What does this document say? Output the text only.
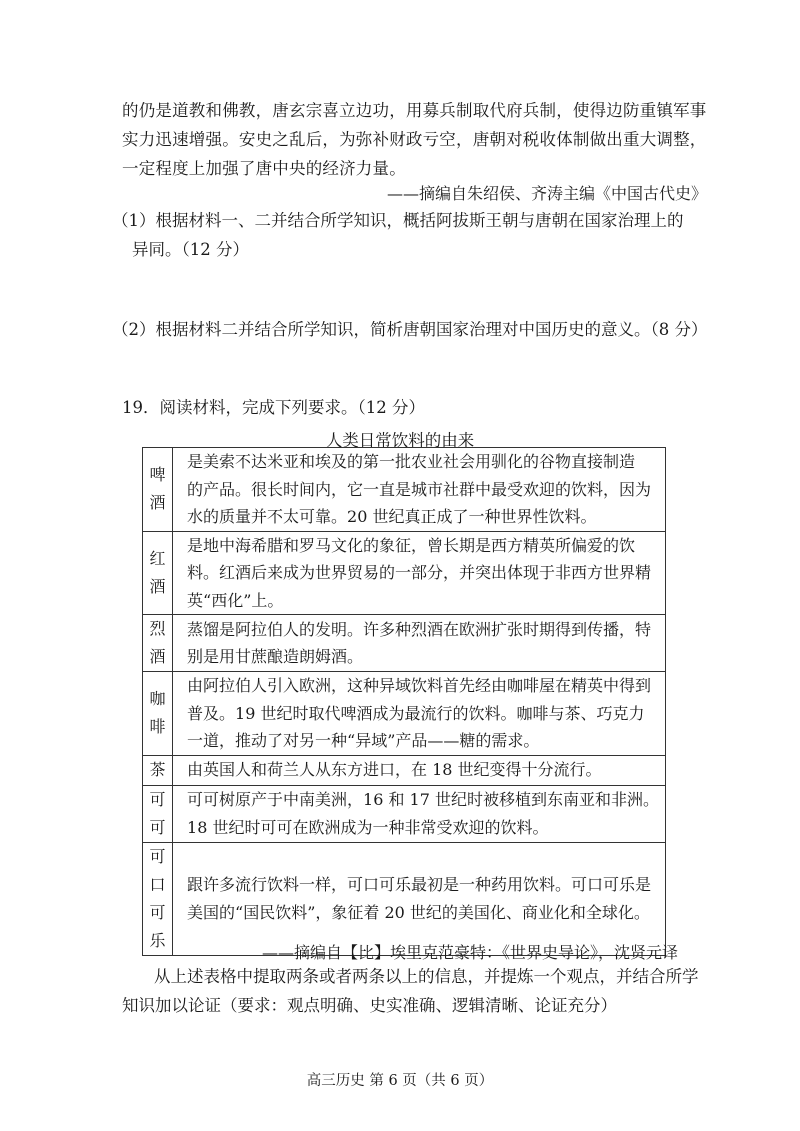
的仍是道教和佛教，唐玄宗喜立边功，用募兵制取代府兵制，使得边防重镇军事
实力迅速增强。安史之乱后，为弥补财政亏空，唐朝对税收体制做出重大调整，
一定程度上加强了唐中央的经济力量。
——摘编自朱绍侯、齐涛主编《中国古代史》
（1）根据材料一、二并结合所学知识，概括阿拔斯王朝与唐朝在国家治理上的
异同。（12 分）
（2）根据材料二并结合所学知识，简析唐朝国家治理对中国历史的意义。（8 分）
19．阅读材料，完成下列要求。（12 分）
人类日常饮料的由来
啤
酒	是美索不达米亚和埃及的第一批农业社会用驯化的谷物直接制造
的产品。很长时间内，它一直是城市社群中最受欢迎的饮料，因为
水的质量并不太可靠。20 世纪真正成了一种世界性饮料。

红
酒	是地中海希腊和罗马文化的象征，曾长期是西方精英所偏爱的饮
料。红酒后来成为世界贸易的一部分，并突出体现于非西方世界精
英“西化”上。

烈
酒	蒸馏是阿拉伯人的发明。许多种烈酒在欧洲扩张时期得到传播，特
别是用甘蔗酿造朗姆酒。

咖
啡	由阿拉伯人引入欧洲，这种异域饮料首先经由咖啡屋在精英中得到
普及。19 世纪时取代啤酒成为最流行的饮料。咖啡与茶、巧克力
一道，推动了对另一种“异域”产品——糖的需求。

茶	由英国人和荷兰人从东方进口，在 18 世纪变得十分流行。

可
可	可可树原产于中南美洲，16 和 17 世纪时被移植到东南亚和非洲。
18 世纪时可可在欧洲成为一种非常受欢迎的饮料。

可
口
可
乐	跟许多流行饮料一样，可口可乐最初是一种药用饮料。可口可乐是
美国的“国民饮料”，象征着 20 世纪的美国化、商业化和全球化。
——摘编自【比】埃里克范豪特：《世界史导论》，沈贤元译
从上述表格中提取两条或者两条以上的信息，并提炼一个观点，并结合所学
知识加以论证（要求：观点明确、史实准确、逻辑清晰、论证充分）
高三历史 第 6 页（共 6 页）
